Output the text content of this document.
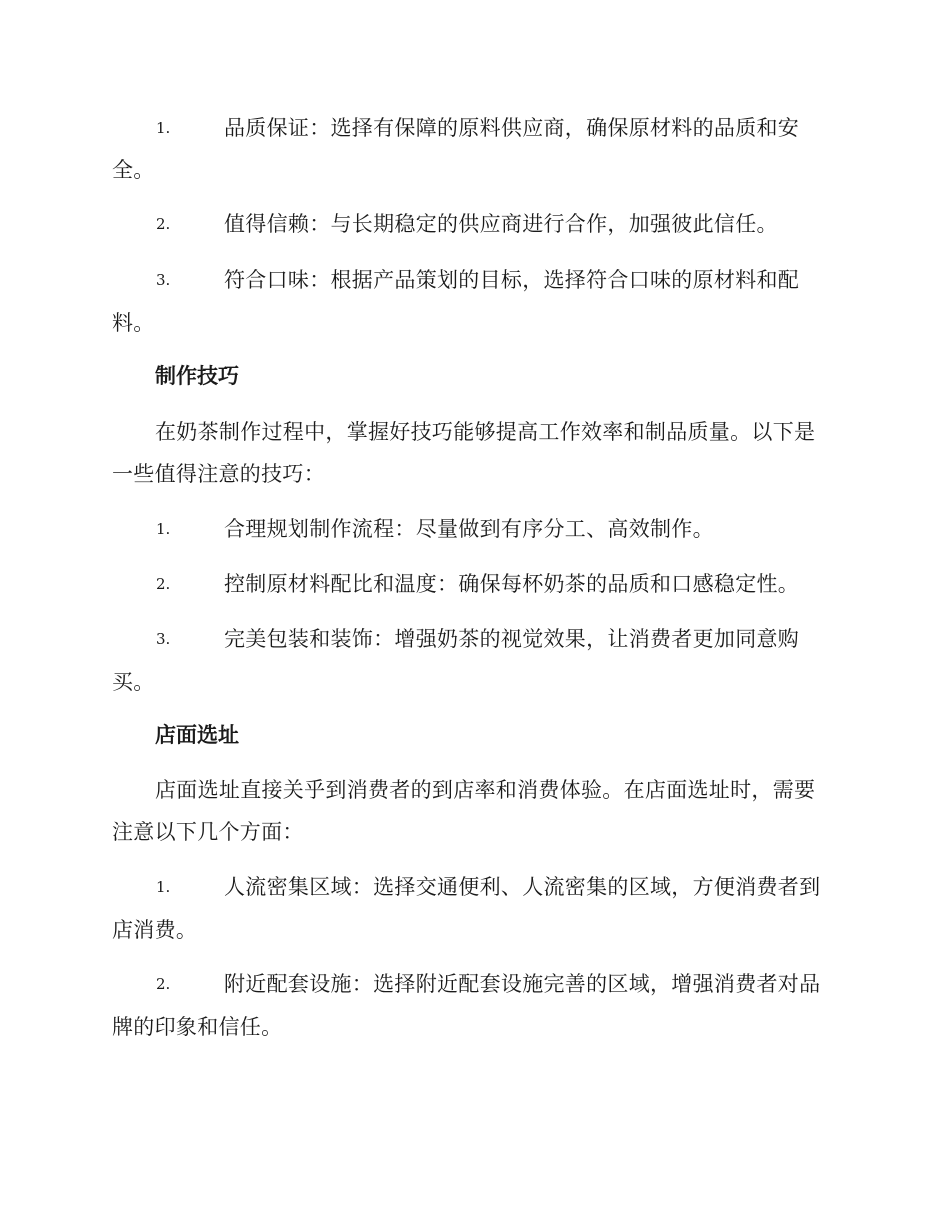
1.	品质保证：选择有保障的原料供应商，确保原材料的品质和安
全。
2.	值得信赖：与长期稳定的供应商进行合作，加强彼此信任。
3.	符合口味：根据产品策划的目标，选择符合口味的原材料和配
料。
制作技巧
在奶茶制作过程中，掌握好技巧能够提高工作效率和制品质量。以下是
一些值得注意的技巧：
1.	合理规划制作流程：尽量做到有序分工、高效制作。
2.	控制原材料配比和温度：确保每杯奶茶的品质和口感稳定性。
3.	完美包装和装饰：增强奶茶的视觉效果，让消费者更加同意购
买。
店面选址
店面选址直接关乎到消费者的到店率和消费体验。在店面选址时，需要
注意以下几个方面：
1.	人流密集区域：选择交通便利、人流密集的区域，方便消费者到
店消费。
2.	附近配套设施：选择附近配套设施完善的区域，增强消费者对品
牌的印象和信任。
